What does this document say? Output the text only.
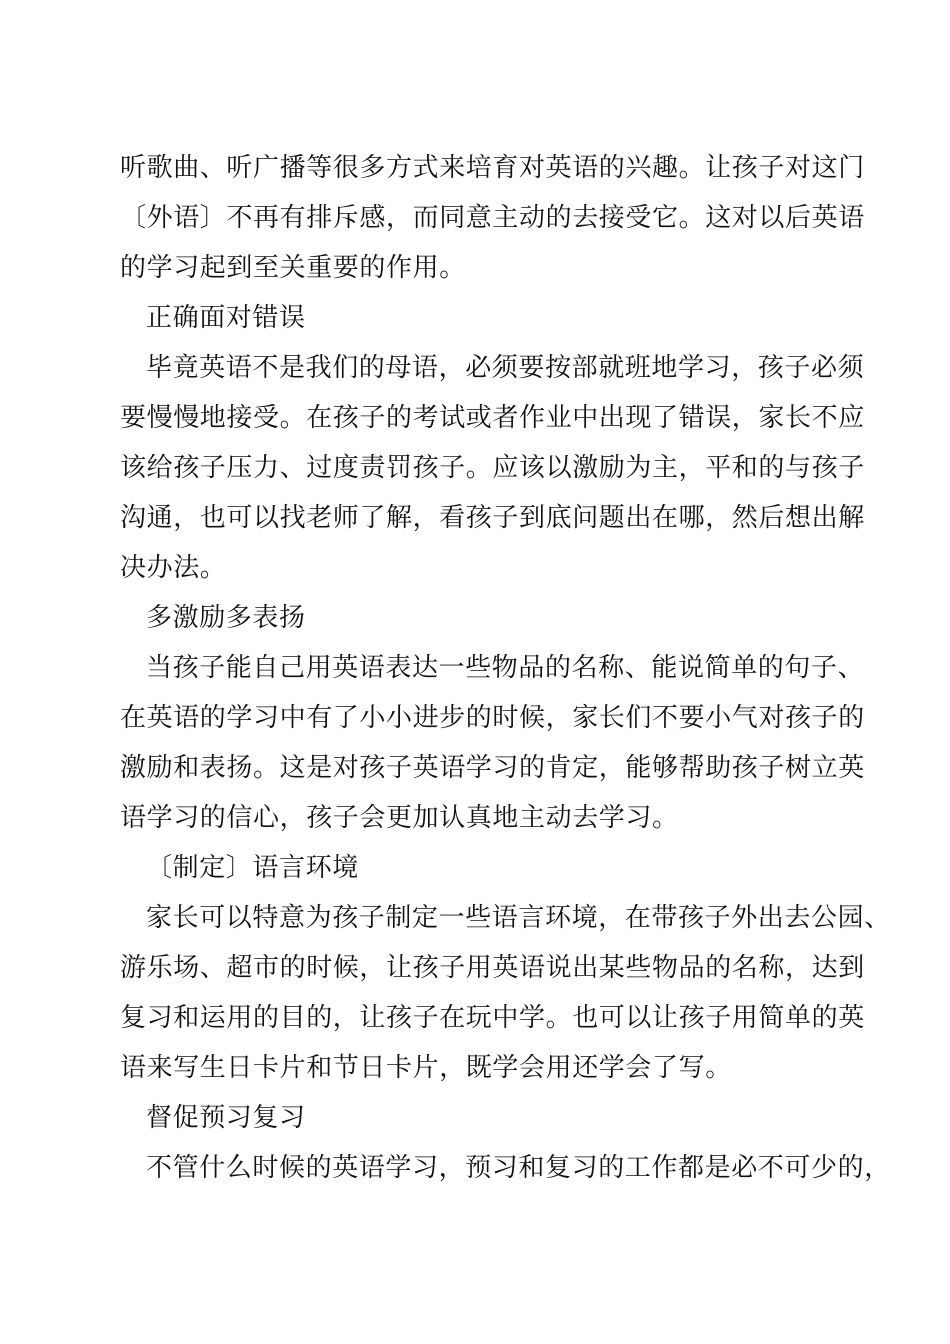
听歌曲、听广播等很多方式来培育对英语的兴趣。让孩子对这门
〔外语〕不再有排斥感，而同意主动的去接受它。这对以后英语
的学习起到至关重要的作用。
正确面对错误
毕竟英语不是我们的母语，必须要按部就班地学习，孩子必须
要慢慢地接受。在孩子的考试或者作业中出现了错误，家长不应
该给孩子压力、过度责罚孩子。应该以激励为主，平和的与孩子
沟通，也可以找老师了解，看孩子到底问题出在哪，然后想出解
决办法。
多激励多表扬
当孩子能自己用英语表达一些物品的名称、能说简单的句子、
在英语的学习中有了小小进步的时候，家长们不要小气对孩子的
激励和表扬。这是对孩子英语学习的肯定，能够帮助孩子树立英
语学习的信心，孩子会更加认真地主动去学习。
〔制定〕语言环境
家长可以特意为孩子制定一些语言环境，在带孩子外出去公园、
游乐场、超市的时候，让孩子用英语说出某些物品的名称，达到
复习和运用的目的，让孩子在玩中学。也可以让孩子用简单的英
语来写生日卡片和节日卡片，既学会用还学会了写。
督促预习复习
不管什么时候的英语学习，预习和复习的工作都是必不可少的，
